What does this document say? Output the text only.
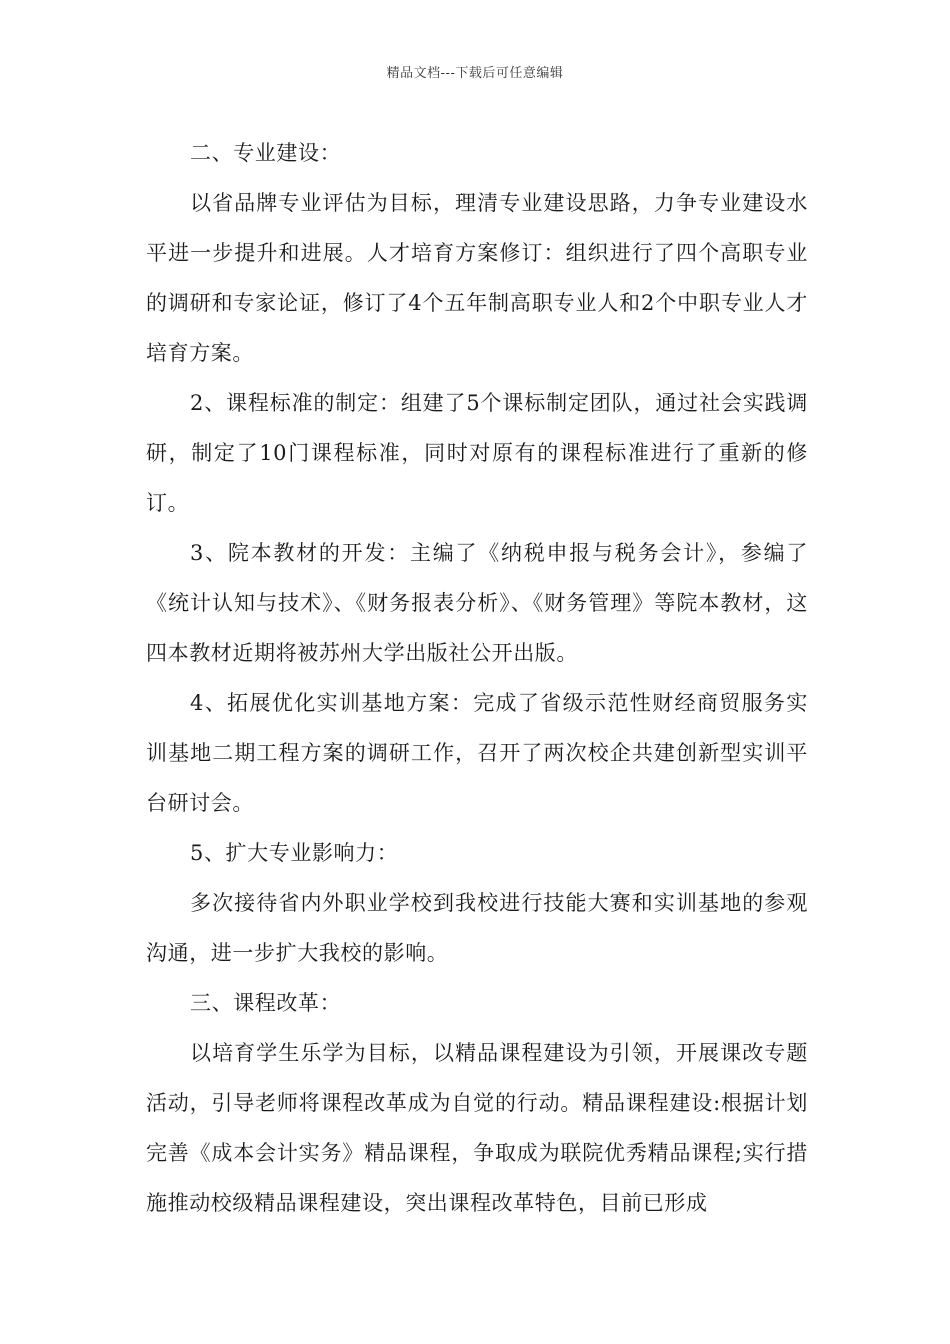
精品文档---下载后可任意编辑

二、专业建设：

以省品牌专业评估为目标，理清专业建设思路，力争专业建设水平进一步提升和进展。人才培育方案修订：组织进行了四个高职专业的调研和专家论证，修订了4个五年制高职专业人和2个中职专业人才培育方案。

2、课程标准的制定：组建了5个课标制定团队，通过社会实践调研，制定了10门课程标准，同时对原有的课程标准进行了重新的修订。

3、院本教材的开发：主编了《纳税申报与税务会计》，参编了《统计认知与技术》、《财务报表分析》、《财务管理》等院本教材，这四本教材近期将被苏州大学出版社公开出版。

4、拓展优化实训基地方案：完成了省级示范性财经商贸服务实训基地二期工程方案的调研工作，召开了两次校企共建创新型实训平台研讨会。

5、扩大专业影响力：

多次接待省内外职业学校到我校进行技能大赛和实训基地的参观沟通，进一步扩大我校的影响。

三、课程改革：

以培育学生乐学为目标，以精品课程建设为引领，开展课改专题活动，引导老师将课程改革成为自觉的行动。精品课程建设:根据计划完善《成本会计实务》精品课程，争取成为联院优秀精品课程;实行措施推动校级精品课程建设，突出课程改革特色，目前已形成
